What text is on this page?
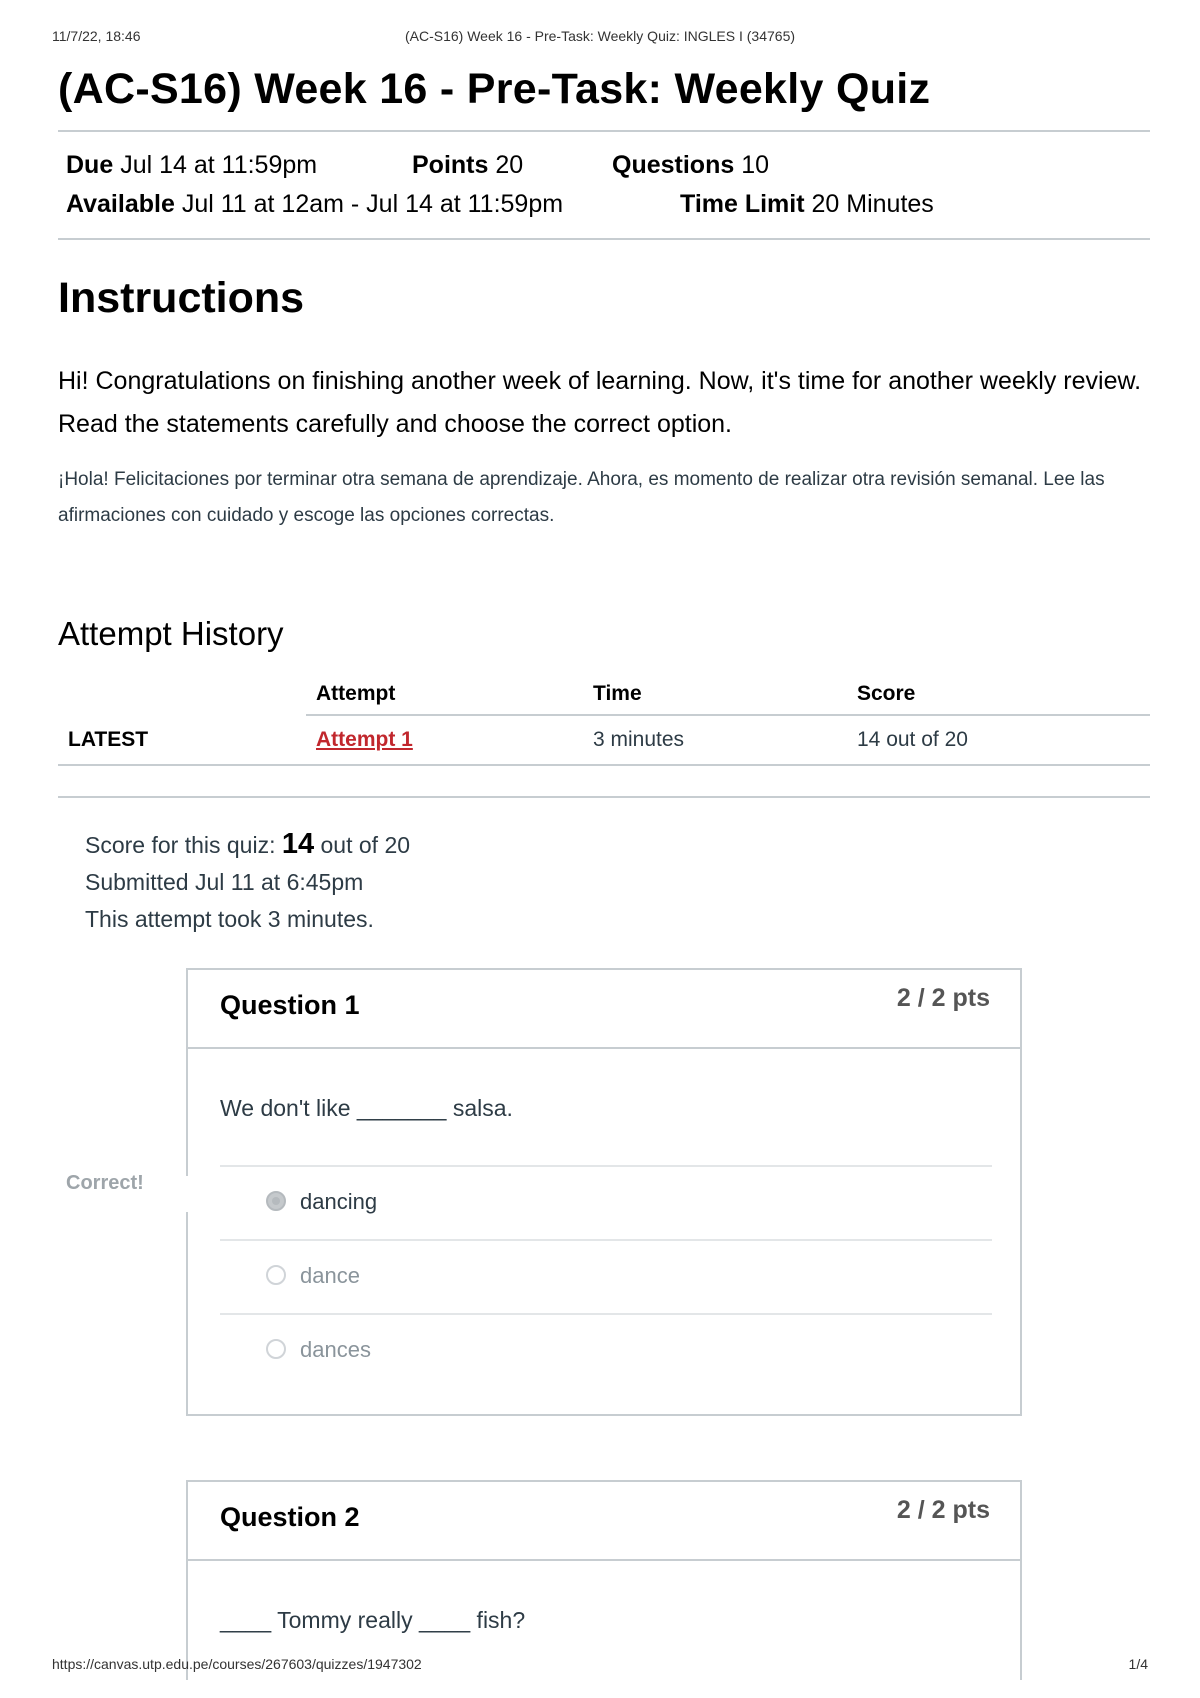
11/7/22, 18:46	(AC-S16) Week 16 - Pre-Task: Weekly Quiz: INGLES I (34765)
(AC-S16) Week 16 - Pre-Task: Weekly Quiz
Due Jul 14 at 11:59pm	Points 20	Questions 10
Available Jul 11 at 12am - Jul 14 at 11:59pm	Time Limit 20 Minutes
Instructions

Hi! Congratulations on finishing another week of learning. Now, it's time for another weekly review. Read the statements carefully and choose the correct option.

¡Hola! Felicitaciones por terminar otra semana de aprendizaje. Ahora, es momento de realizar otra revisión semanal. Lee las afirmaciones con cuidado y escoge las opciones correctas.

Attempt History
	Attempt	Time	Score
LATEST	Attempt 1	3 minutes	14 out of 20
Score for this quiz: 14 out of 20
Submitted Jul 11 at 6:45pm
This attempt took 3 minutes.
Question 1	2 / 2 pts
We don't like _______ salsa.
dancing
dance
dances
Correct!
Question 2	2 / 2 pts
____ Tommy really ____ fish?
https://canvas.utp.edu.pe/courses/267603/quizzes/1947302	1/4
